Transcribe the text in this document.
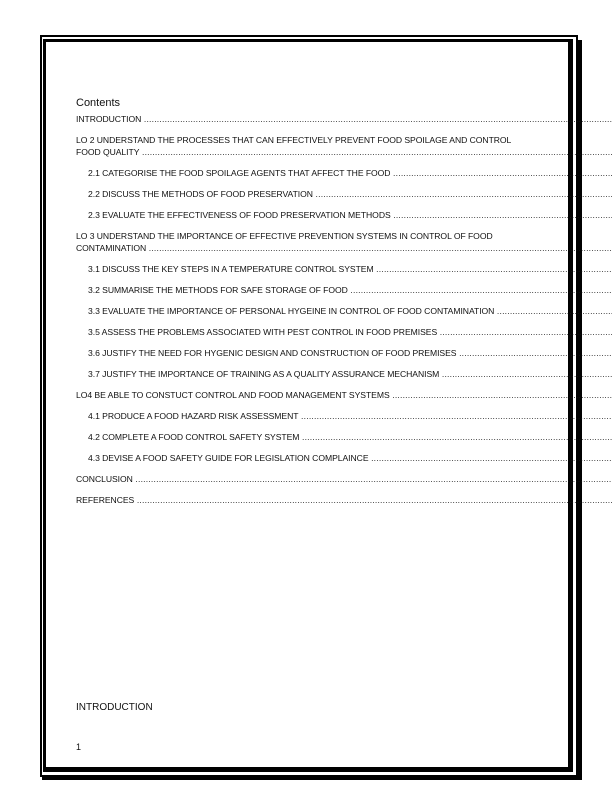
Contents
INTRODUCTION .....
LO 2 UNDERSTAND THE PROCESSES THAT CAN EFFECTIVELY PREVENT FOOD SPOILAGE AND CONTROL
FOOD QUALITY .....
2.1 CATEGORISE THE FOOD SPOILAGE AGENTS THAT AFFECT THE FOOD .....
2.2 DISCUSS THE METHODS OF FOOD PRESERVATION .....
2.3 EVALUATE THE EFFECTIVENESS OF FOOD PRESERVATION METHODS .....
LO 3 UNDERSTAND THE IMPORTANCE OF EFFECTIVE PREVENTION SYSTEMS IN CONTROL OF FOOD
CONTAMINATION .....
3.1 DISCUSS THE KEY STEPS IN A TEMPERATURE CONTROL SYSTEM .....
3.2 SUMMARISE THE METHODS FOR SAFE STORAGE OF FOOD .....
3.3 EVALUATE THE IMPORTANCE OF PERSONAL HYGEINE IN CONTROL OF FOOD CONTAMINATION .....
3.5 ASSESS THE PROBLEMS ASSOCIATED WITH PEST CONTROL IN FOOD PREMISES .....
3.6 JUSTIFY THE NEED FOR HYGENIC DESIGN AND CONSTRUCTION OF FOOD PREMISES .....
3.7 JUSTIFY THE IMPORTANCE OF TRAINING AS A QUALITY ASSURANCE MECHANISM .....
LO4 BE ABLE TO CONSTUCT CONTROL AND FOOD MANAGEMENT SYSTEMS .....
4.1 PRODUCE A FOOD HAZARD RISK ASSESSMENT .....
4.2 COMPLETE A FOOD CONTROL SAFETY SYSTEM .....
4.3 DEVISE A FOOD SAFETY GUIDE FOR LEGISLATION COMPLAINCE .....
CONCLUSION .....
REFERENCES .....
INTRODUCTION
1
